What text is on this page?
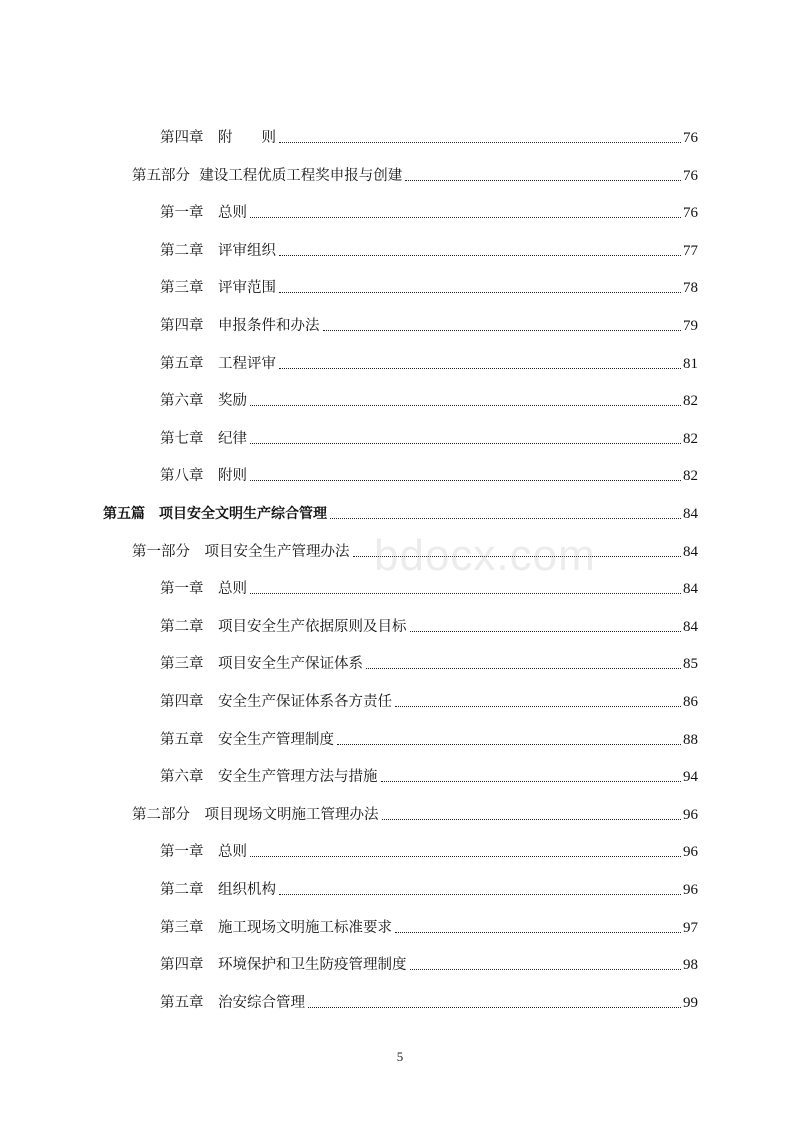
第四章　附　　则	76
第五部分  建设工程优质工程奖申报与创建	76
第一章　总则	76
第二章　评审组织	77
第三章　评审范围	78
第四章　申报条件和办法	79
第五章　工程评审	81
第六章　奖励	82
第七章　纪律	82
第八章　附则	82
第五篇　项目安全文明生产综合管理	84
第一部分　项目安全生产管理办法	84
第一章　总则	84
第二章　项目安全生产依据原则及目标	84
第三章　项目安全生产保证体系	85
第四章　安全生产保证体系各方责任	86
第五章　安全生产管理制度	88
第六章　安全生产管理方法与措施	94
第二部分　项目现场文明施工管理办法	96
第一章　总则	96
第二章　组织机构	96
第三章　施工现场文明施工标准要求	97
第四章　环境保护和卫生防疫管理制度	98
第五章　治安综合管理	99
bdocx.com
5
